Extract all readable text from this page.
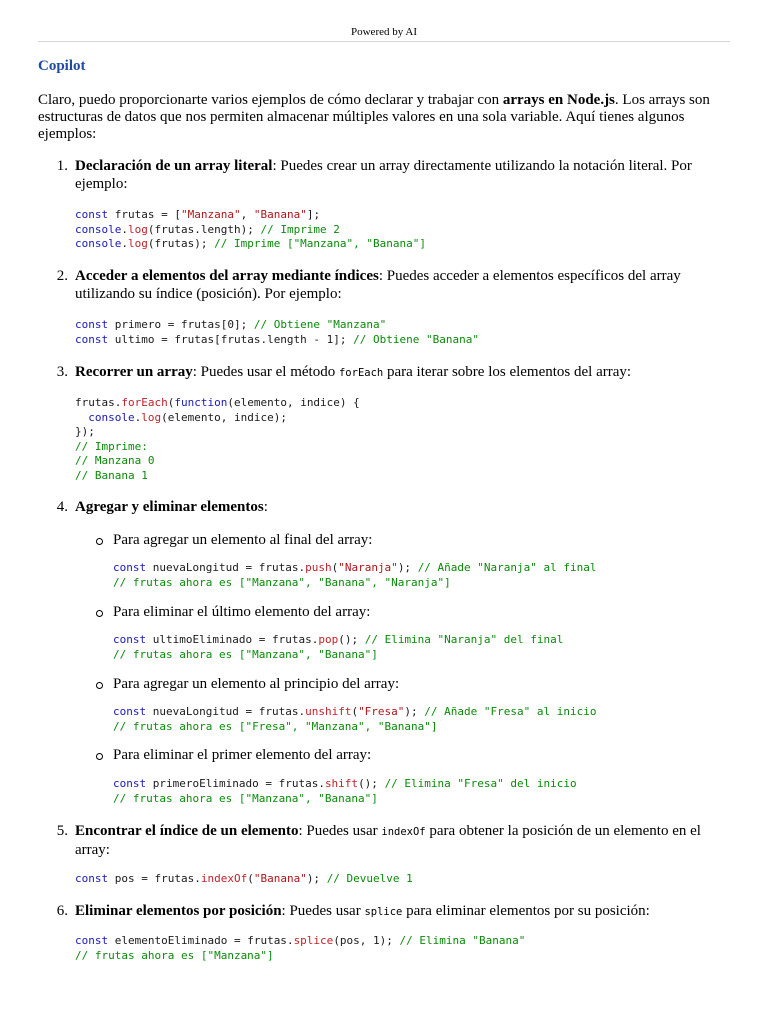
Powered by AI
Copilot
Claro, puedo proporcionarte varios ejemplos de cómo declarar y trabajar con arrays en Node.js. Los arrays son estructuras de datos que nos permiten almacenar múltiples valores en una sola variable. Aquí tienes algunos ejemplos:
1. Declaración de un array literal: Puedes crear un array directamente utilizando la notación literal. Por ejemplo:
const frutas = ["Manzana", "Banana"];
console.log(frutas.length); // Imprime 2
console.log(frutas); // Imprime ["Manzana", "Banana"]
2. Acceder a elementos del array mediante índices: Puedes acceder a elementos específicos del array utilizando su índice (posición). Por ejemplo:
const primero = frutas[0]; // Obtiene "Manzana"
const ultimo = frutas[frutas.length - 1]; // Obtiene "Banana"
3. Recorrer un array: Puedes usar el método forEach para iterar sobre los elementos del array:
frutas.forEach(function(elemento, indice) {
console.log(elemento, indice);
});
// Imprime:
// Manzana 0
// Banana 1
4. Agregar y eliminar elementos:
Para agregar un elemento al final del array:
const nuevaLongitud = frutas.push("Naranja"); // Añade "Naranja" al final
// frutas ahora es ["Manzana", "Banana", "Naranja"]
Para eliminar el último elemento del array:
const ultimoEliminado = frutas.pop(); // Elimina "Naranja" del final
// frutas ahora es ["Manzana", "Banana"]
Para agregar un elemento al principio del array:
const nuevaLongitud = frutas.unshift("Fresa"); // Añade "Fresa" al inicio
// frutas ahora es ["Fresa", "Manzana", "Banana"]
Para eliminar el primer elemento del array:
const primeroEliminado = frutas.shift(); // Elimina "Fresa" del inicio
// frutas ahora es ["Manzana", "Banana"]
5. Encontrar el índice de un elemento: Puedes usar indexOf para obtener la posición de un elemento en el array:
const pos = frutas.indexOf("Banana"); // Devuelve 1
6. Eliminar elementos por posición: Puedes usar splice para eliminar elementos por su posición:
const elementoEliminado = frutas.splice(pos, 1); // Elimina "Banana"
// frutas ahora es ["Manzana"]
